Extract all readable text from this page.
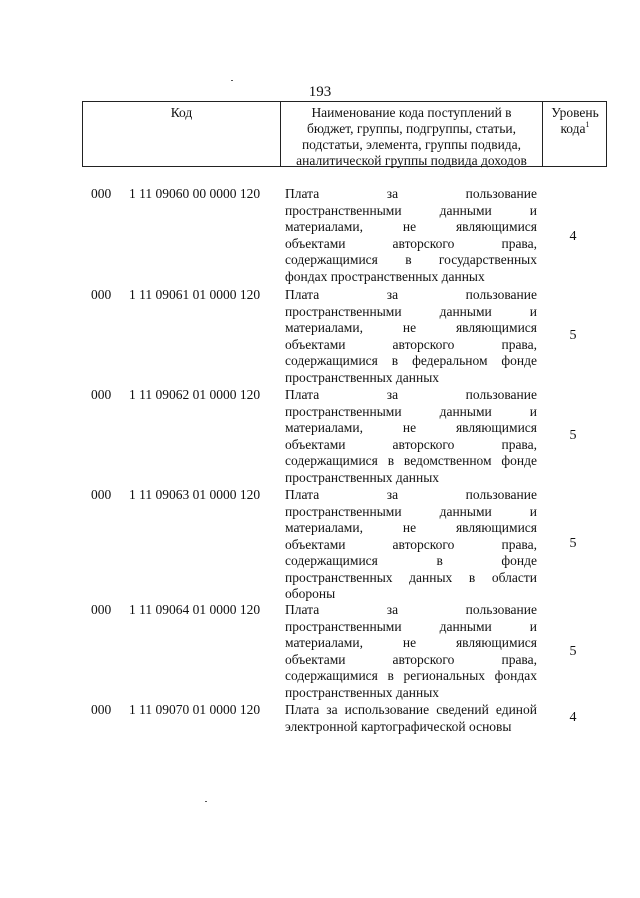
193
Код	Наименование кода поступлений в
бюджет, группы, подгруппы, статьи,
подстатьи, элемента, группы подвида,
аналитической группы подвида доходов
Уровень
кода$^1$
000 1 11 09060 00 0000 120 Плата за пользование
пространственными данными и
материалами, не являющимися
объектами авторского права,
содержащимися в государственных
фондах пространственных данных
4
000 1 11 09061 01 0000 120 Плата за пользование
пространственными данными и
материалами, не являющимися
объектами авторского права,
содержащимися в федеральном фонде
пространственных данных
5
000 1 11 09062 01 0000 120 Плата за пользование
пространственными данными и
материалами, не являющимися
объектами авторского права,
содержащимися в ведомственном фонде
пространственных данных
5
000 1 11 09063 01 0000 120 Плата за пользование
пространственными данными и
материалами, не являющимися
объектами авторского права,
содержащимися в фонде
пространственных данных в области
обороны
5
000 1 11 09064 01 0000 120 Плата за пользование
пространственными данными и
материалами, не являющимися
объектами авторского права,
содержащимися в региональных фондах
пространственных данных
5
000 1 11 09070 01 0000 120 Плата за использование сведений единой
электронной картографической основы
4
